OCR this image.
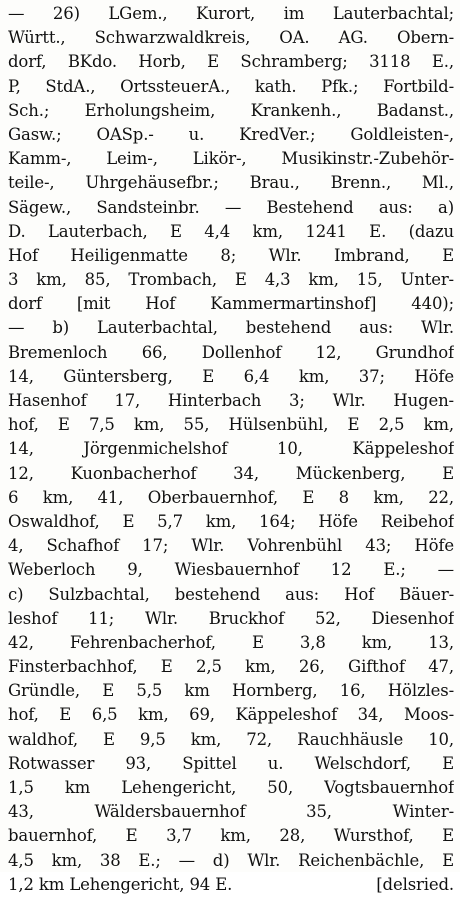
— 26) LGem., Kurort, im Lauterbachtal;
Württ., Schwarzwaldkreis, OA. AG. Obern-
dorf, BKdo. Horb, E Schramberg; 3118 E.,
P, StdA., OrtssteuerA., kath. Pfk.; Fortbild-
Sch.; Erholungsheim, Krankenh., Badanst.,
Gasw.; OASp.- u. KredVer.; Goldleisten-,
Kamm-, Leim-, Likör-, Musikinstr.-Zubehör-
teile-, Uhrgehäusefbr.; Brau., Brenn., Ml.,
Sägew., Sandsteinbr. — Bestehend aus: a)
D. Lauterbach, E 4,4 km, 1241 E. (dazu
Hof Heiligenmatte 8; Wlr. Imbrand, E
3 km, 85, Trombach, E 4,3 km, 15, Unter-
dorf [mit Hof Kammermartinshof] 440);
— b) Lauterbachtal, bestehend aus: Wlr.
Bremenloch 66, Dollenhof 12, Grundhof
14, Güntersberg, E 6,4 km, 37; Höfe
Hasenhof 17, Hinterbach 3; Wlr. Hugen-
hof, E 7,5 km, 55, Hülsenbühl, E 2,5 km,
14, Jörgenmichelshof 10, Käppeleshof
12, Kuonbacherhof 34, Mückenberg, E
6 km, 41, Oberbauernhof, E 8 km, 22,
Oswaldhof, E 5,7 km, 164; Höfe Reibehof
4, Schafhof 17; Wlr. Vohrenbühl 43; Höfe
Weberloch 9, Wiesbauernhof 12 E.; —
c) Sulzbachtal, bestehend aus: Hof Bäuer-
leshof 11; Wlr. Bruckhof 52, Diesenhof
42, Fehrenbacherhof, E 3,8 km, 13,
Finsterbachhof, E 2,5 km, 26, Gifthof 47,
Gründle, E 5,5 km Hornberg, 16, Hölzles-
hof, E 6,5 km, 69, Käppeleshof 34, Moos-
waldhof, E 9,5 km, 72, Rauchhäusle 10,
Rotwasser 93, Spittel u. Welschdorf, E
1,5 km Lehengericht, 50, Vogtsbauernhof
43, Wäldersbauernhof 35, Winter-
bauernhof, E 3,7 km, 28, Wursthof, E
4,5 km, 38 E.; — d) Wlr. Reichenbächle, E
1,2 km Lehengericht, 94 E.	[delsried.
